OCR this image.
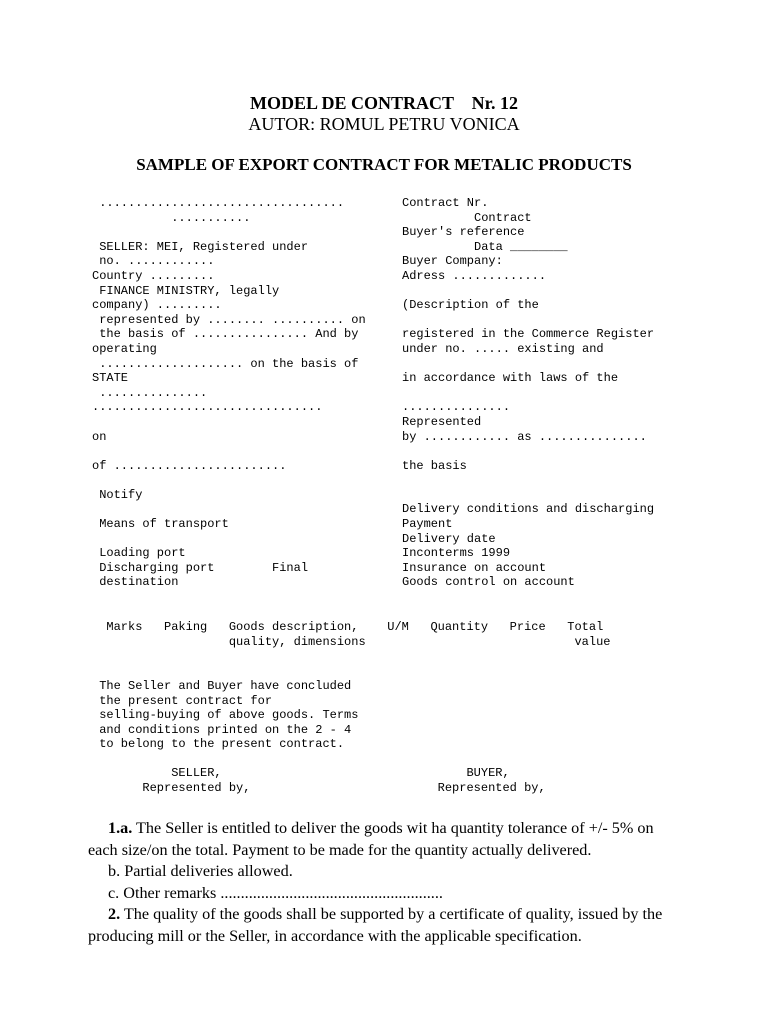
MODEL DE CONTRACT Nr. 12
AUTOR: ROMUL PETRU VONICA
SAMPLE OF EXPORT CONTRACT FOR METALIC PRODUCTS
..................................
...........
SELLER: MEI, Registered under
no. ............
Country .........
FINANCE MINISTRY, legally
company) .........
represented by ........ .......... on
the basis of ................ And by
operating
.................... on the basis of
STATE
...............
................................
on
of ........................
Notify
Means of transport
Loading port
Discharging port        Final
destination
Contract Nr.
Contract
Buyer's reference
Data ________
Buyer Company:
Adress .............
(Description of the
registered in the Commerce Register
under no. ..... existing and
in accordance with laws of the
...............
Represented
by ............ as ...............
the basis
Delivery conditions and discharging
Payment
Delivery date
Inconterms 1999
Insurance on account
Goods control on account
Marks   Paking   Goods description,    U/M   Quantity   Price   Total
quality, dimensions                             value
The Seller and Buyer have concluded
the present contract for
selling-buying of above goods. Terms
and conditions printed on the 2 - 4
to belong to the present contract.
SELLER,                                  BUYER,
Represented by,                          Represented by,

1.a. The Seller is entitled to deliver the goods wit ha quantity tolerance of +/- 5% on each size/on the total. Payment to be made for the quantity actually delivered.

b. Partial deliveries allowed.

c. Other remarks .......................................................

2. The quality of the goods shall be supported by a certificate of quality, issued by the producing mill or the Seller, in accordance with the applicable specification.
